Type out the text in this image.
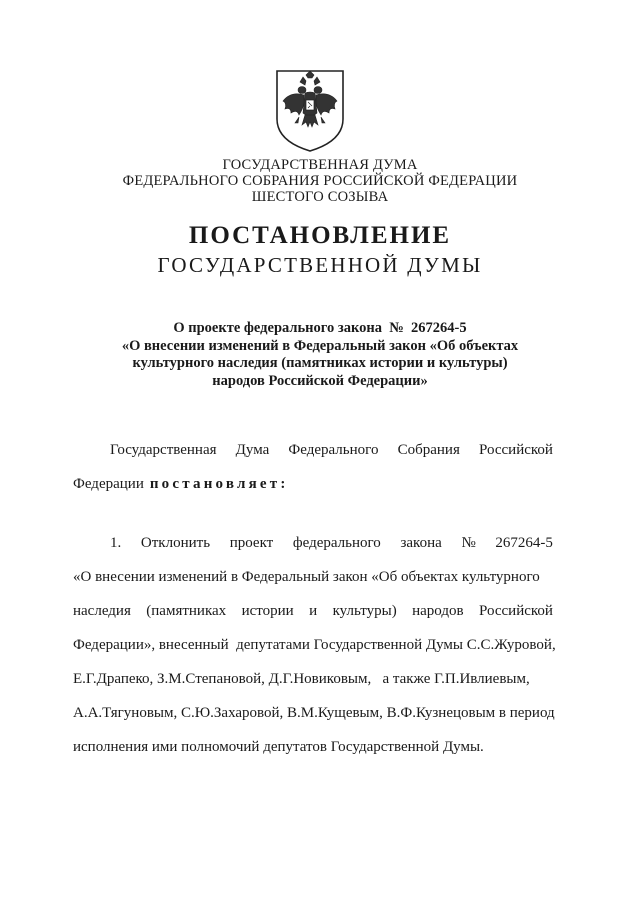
ГОСУДАРСТВЕННАЯ ДУМА
ФЕДЕРАЛЬНОГО СОБРАНИЯ РОССИЙСКОЙ ФЕДЕРАЦИИ
ШЕСТОГО СОЗЫВА
ПОСТАНОВЛЕНИЕ
ГОСУДАРСТВЕННОЙ ДУМЫ
О проекте федерального закона  №  267264-5
«О внесении изменений в Федеральный закон «Об объектах
культурного наследия (памятниках истории и культуры)
народов Российской Федерации»
Государственная Дума Федерального Собрания Российской
Федерации постановляет:
1. Отклонить проект федерального закона № 267264-5
«О внесении изменений в Федеральный закон «Об объектах культурного
наследия (памятниках истории и культуры) народов Российской
Федерации», внесенный  депутатами Государственной Думы С.С.Журовой,
Е.Г.Драпеко, З.М.Степановой, Д.Г.Новиковым,   а также Г.П.Ивлиевым,
А.А.Тягуновым, С.Ю.Захаровой, В.М.Кущевым, В.Ф.Кузнецовым в период
исполнения ими полномочий депутатов Государственной Думы.
